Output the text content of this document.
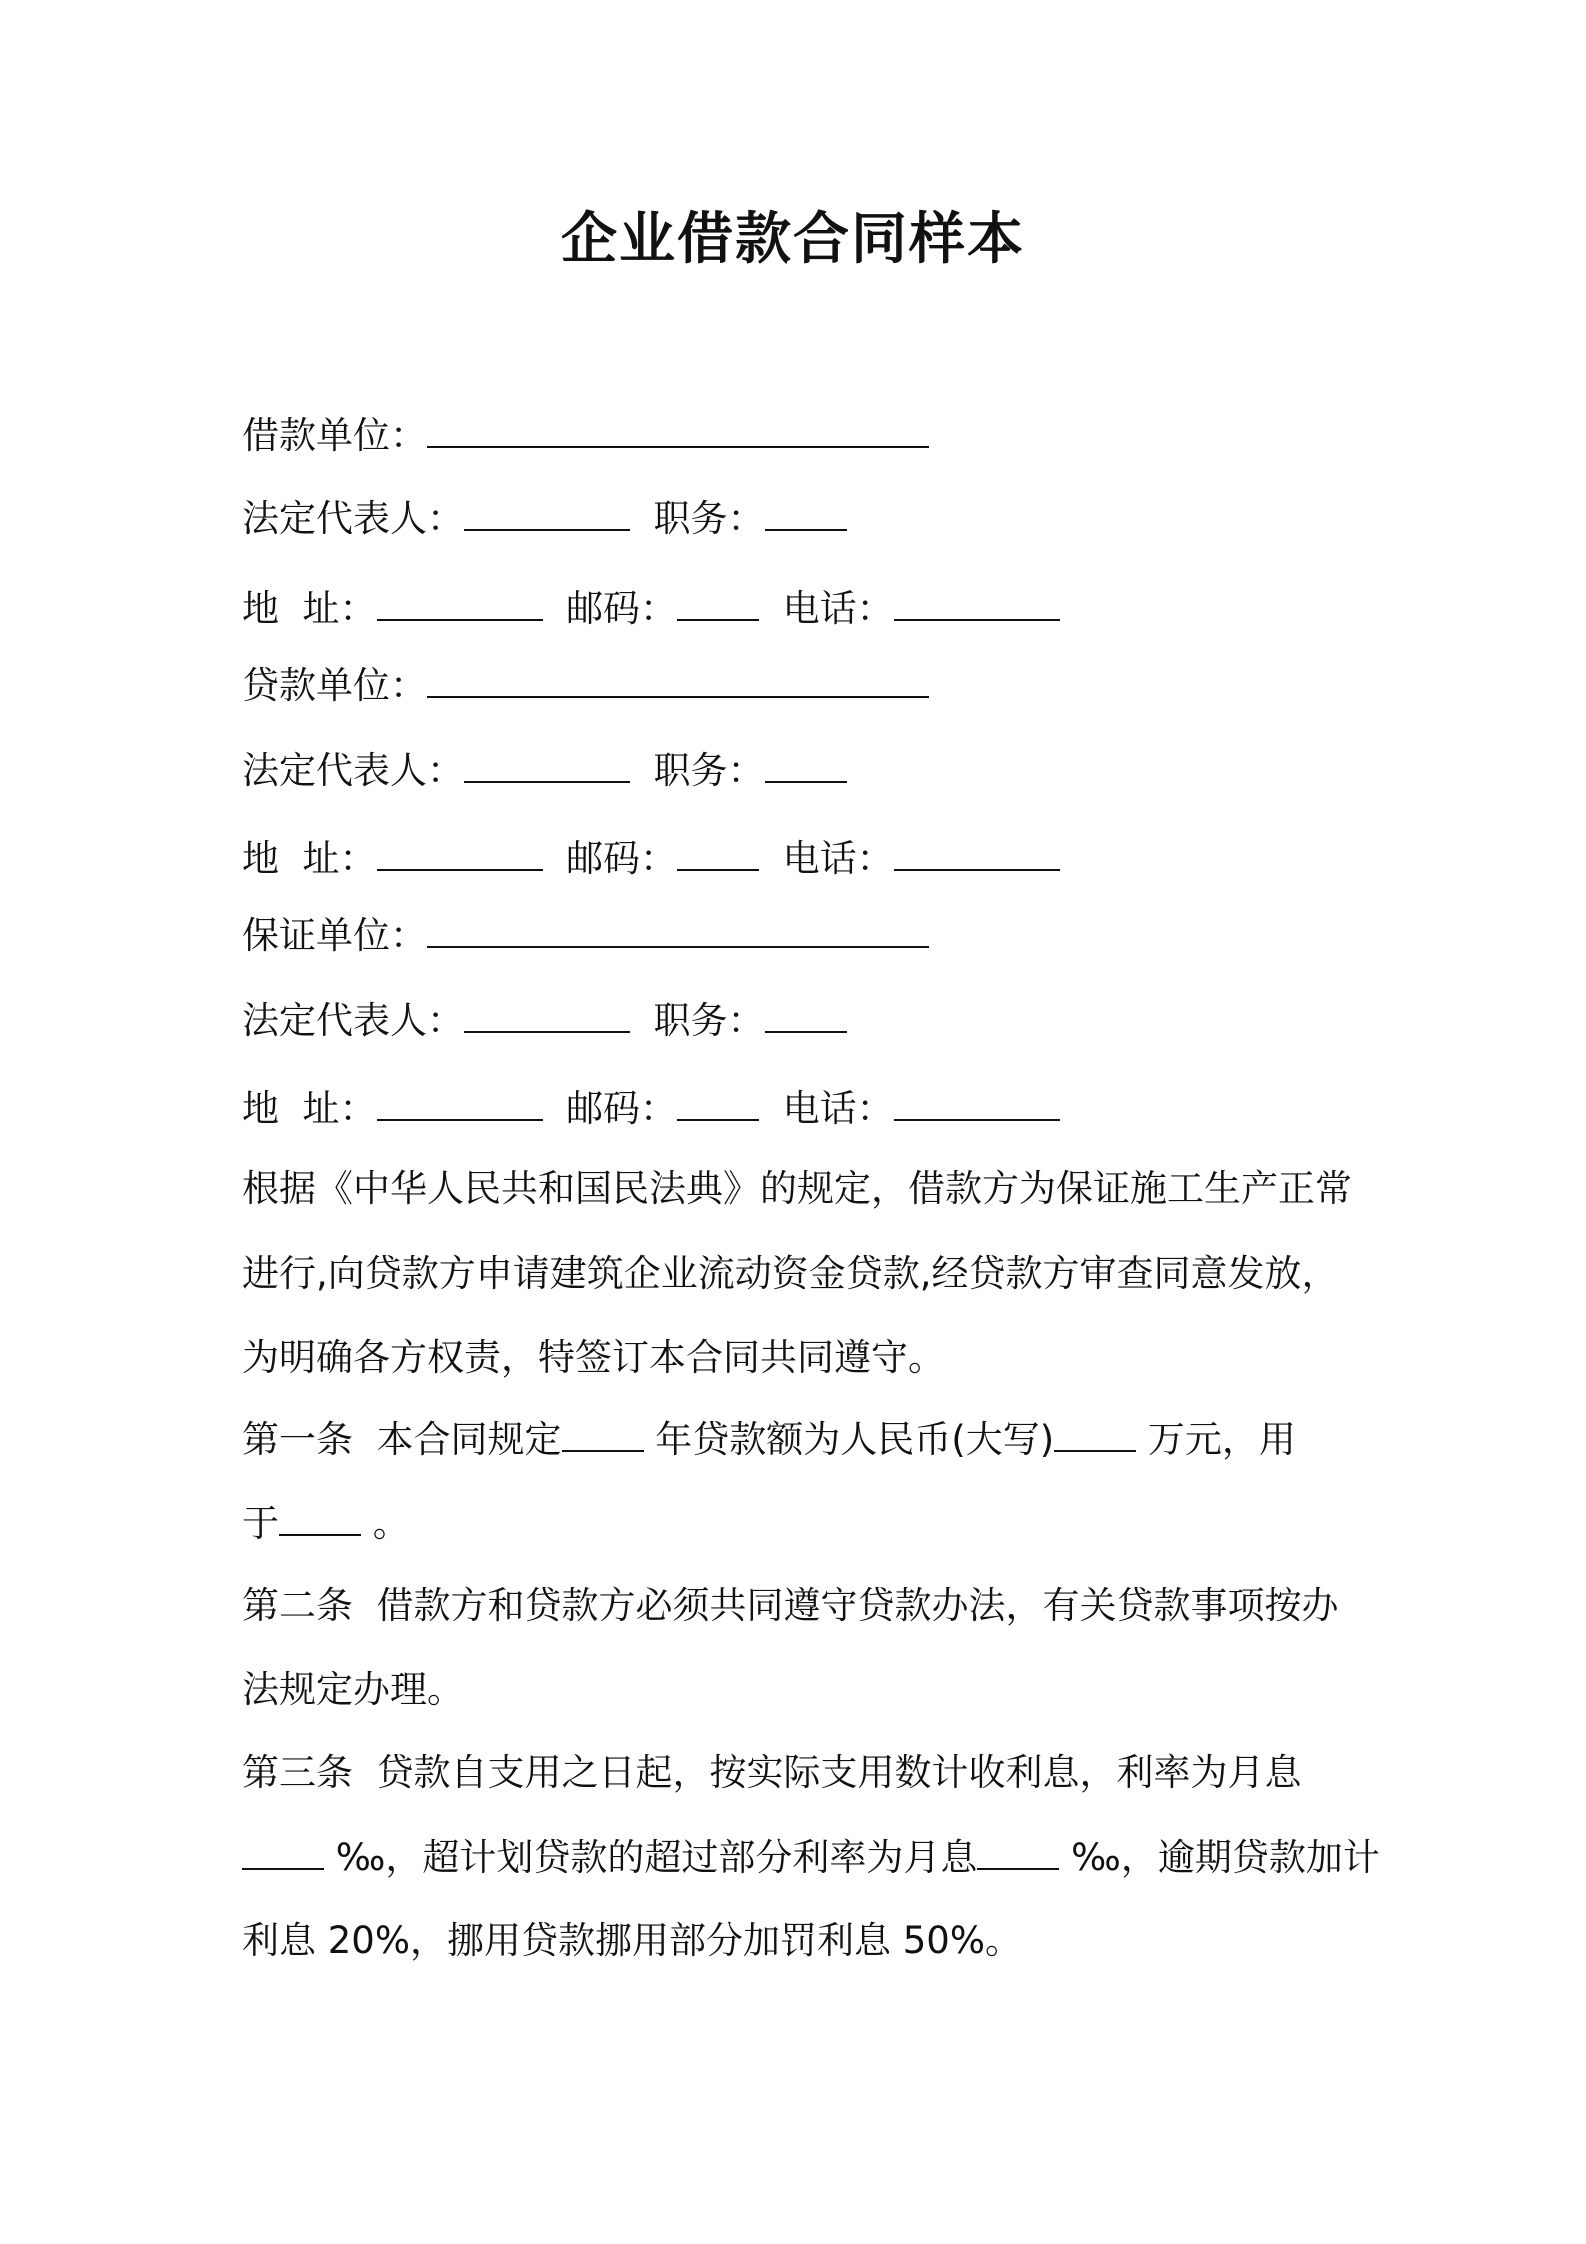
企业借款合同样本
借款单位：
法定代表人：	职务：
地  址：	邮码：	电话：
贷款单位：
法定代表人：	职务：
地  址：	邮码：	电话：
保证单位：
法定代表人：	职务：
地  址：	邮码：	电话：
根据《中华人民共和国民法典》的规定，借款方为保证施工生产正常
进行,向贷款方申请建筑企业流动资金贷款,经贷款方审查同意发放，
为明确各方权责，特签订本合同共同遵守。
第一条  本合同规定 年贷款额为人民币(大写) 万元，用
于 。
第二条  借款方和贷款方必须共同遵守贷款办法，有关贷款事项按办
法规定办理。
第三条  贷款自支用之日起，按实际支用数计收利息，利率为月息
‰，超计划贷款的超过部分利率为月息 ‰，逾期贷款加计
利息 20%，挪用贷款挪用部分加罚利息 50%。
